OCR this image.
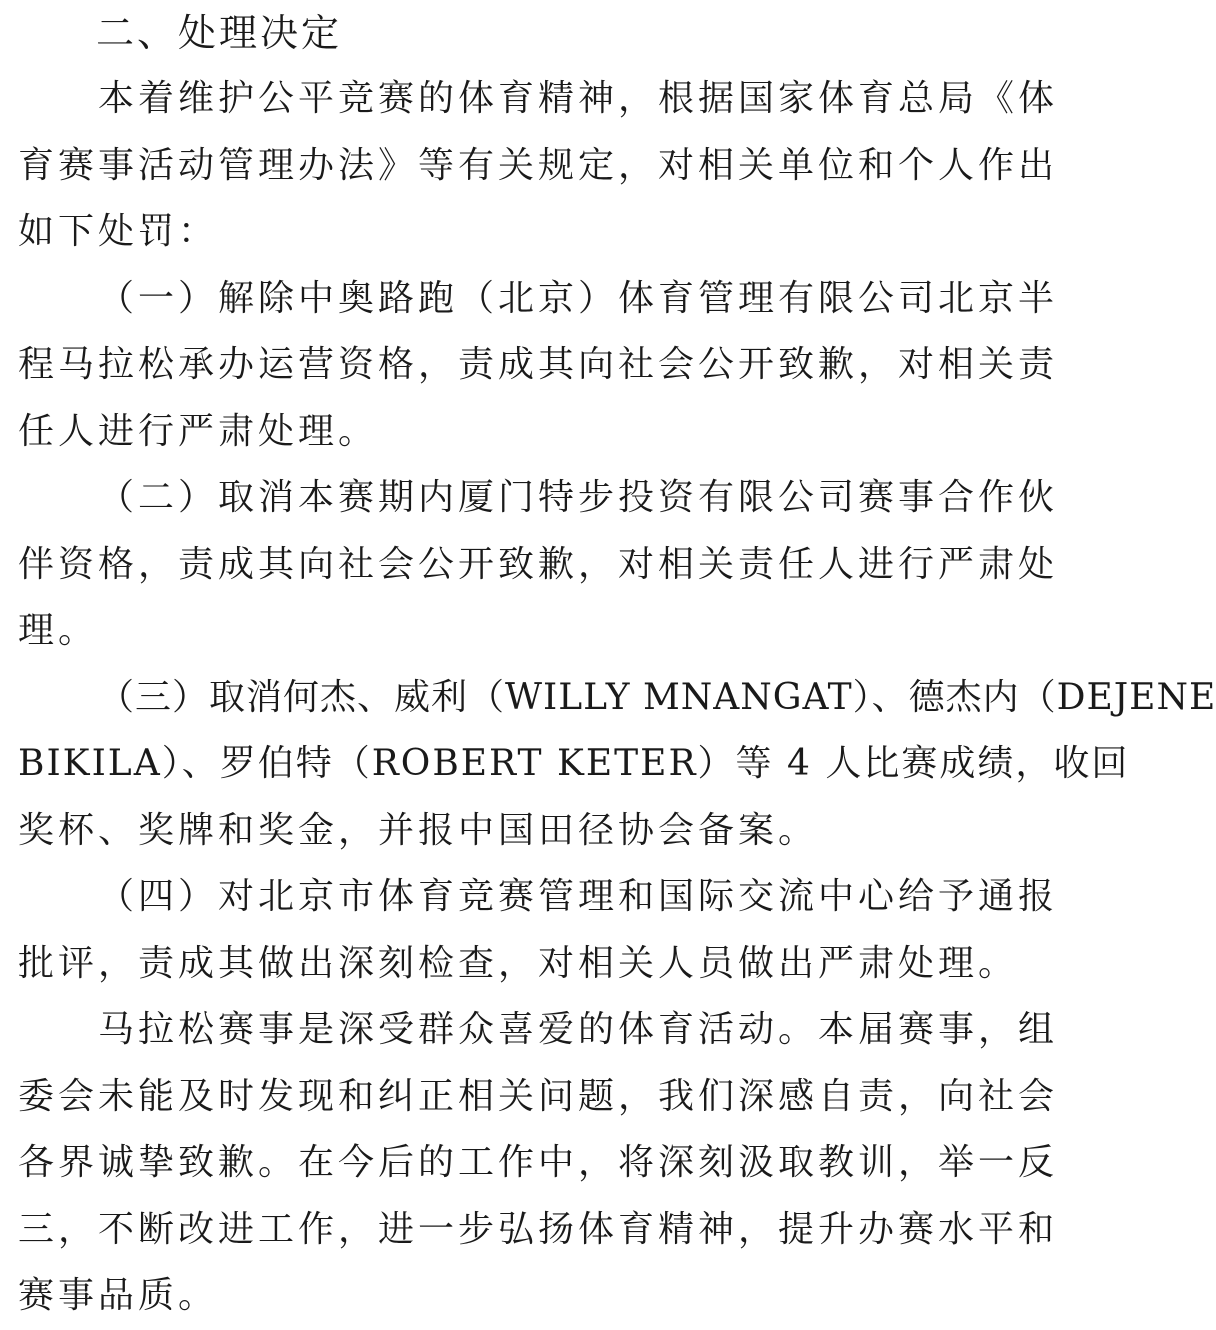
二、处理决定

本着维护公平竞赛的体育精神，根据国家体育总局《体
育赛事活动管理办法》等有关规定，对相关单位和个人作出
如下处罚：

（一）解除中奥路跑（北京）体育管理有限公司北京半
程马拉松承办运营资格，责成其向社会公开致歉，对相关责
任人进行严肃处理。

（二）取消本赛期内厦门特步投资有限公司赛事合作伙
伴资格，责成其向社会公开致歉，对相关责任人进行严肃处
理。

（三）取消何杰、威利（WILLY MNANGAT）、德杰内（DEJENE
BIKILA）、罗伯特（ROBERT KETER）等 4 人比赛成绩，收回
奖杯、奖牌和奖金，并报中国田径协会备案。

（四）对北京市体育竞赛管理和国际交流中心给予通报
批评，责成其做出深刻检查，对相关人员做出严肃处理。

马拉松赛事是深受群众喜爱的体育活动。本届赛事，组
委会未能及时发现和纠正相关问题，我们深感自责，向社会
各界诚挚致歉。在今后的工作中，将深刻汲取教训，举一反
三，不断改进工作，进一步弘扬体育精神，提升办赛水平和
赛事品质。
